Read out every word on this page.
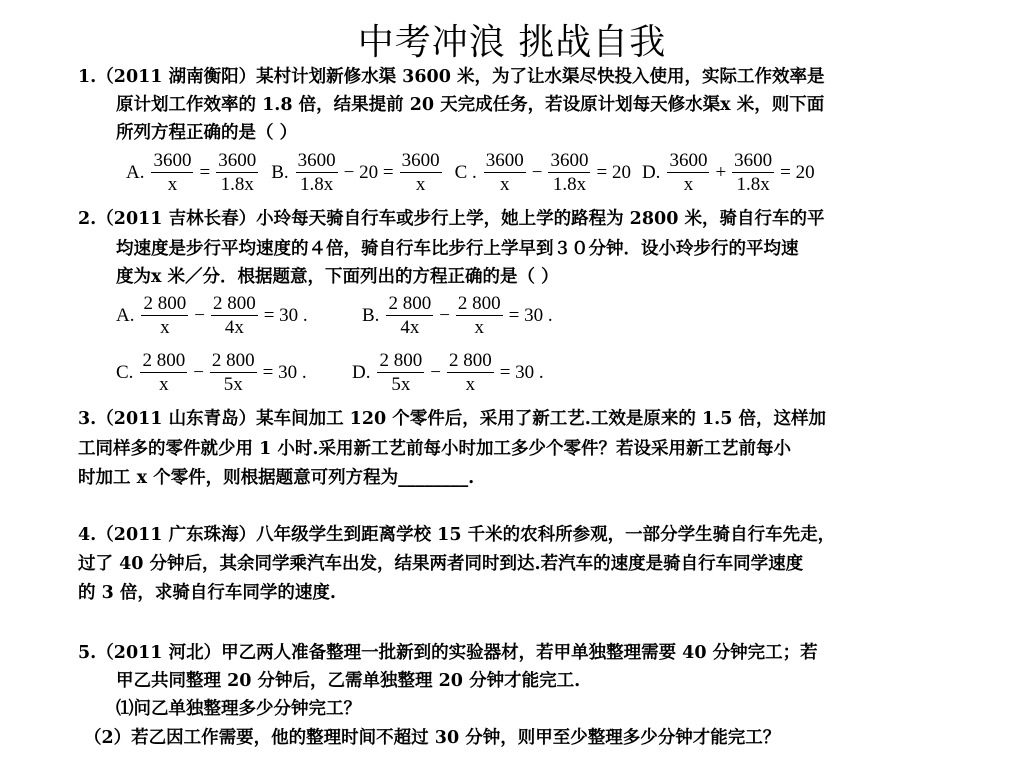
中考冲浪 挑战自我
1.（2011 湖南衡阳）某村计划新修水渠 3600 米，为了让水渠尽快投入使用，实际工作效率是
原计划工作效率的 1.8 倍，结果提前 20 天完成任务，若设原计划每天修水渠x 米，则下面
所列方程正确的是（ ）
A. $\frac{3600}{x} = \frac{3600}{1.8x} B$. $\frac{3600}{1.8x} - 20 = \frac{3600}{x}$ C . $\frac{3600}{x} - \frac{3600}{1.8x} = 20$ D. $\frac{3600}{x} + \frac{3600}{1.8x} = 20$
2.（2011 吉林长春）小玲每天骑自行车或步行上学，她上学的路程为 2800 米，骑自行车的平
均速度是步行平均速度的４倍，骑自行车比步行上学早到３０分钟．设小玲步行的平均速
度为x 米／分．根据题意，下面列出的方程正确的是（ ）
A. $\frac{2 800}{x} - \frac{2 800}{4x} = 30$ .	B. $\frac{2 800}{4x} - \frac{2 800}{x} = 30$ .
C. $\frac{2 800}{x} - \frac{2 800}{5x} = 30$ . D. $\frac{2 800}{5x} - \frac{2 800}{x} = 30$ .
3.（2011 山东青岛）某车间加工 120 个零件后，采用了新工艺.工效是原来的 1.5 倍，这样加
工同样多的零件就少用 1 小时.采用新工艺前每小时加工多少个零件？若设采用新工艺前每小
时加工 x 个零件，则根据题意可列方程为________.
4.（2011 广东珠海）八年级学生到距离学校 15 千米的农科所参观，一部分学生骑自行车先走，
过了 40 分钟后，其余同学乘汽车出发，结果两者同时到达.若汽车的速度是骑自行车同学速度
的 3 倍，求骑自行车同学的速度.
5.（2011 河北）甲乙两人准备整理一批新到的实验器材，若甲单独整理需要 40 分钟完工；若
甲乙共同整理 20 分钟后，乙需单独整理 20 分钟才能完工.
⑴问乙单独整理多少分钟完工？
（2）若乙因工作需要，他的整理时间不超过 30 分钟，则甲至少整理多少分钟才能完工？
